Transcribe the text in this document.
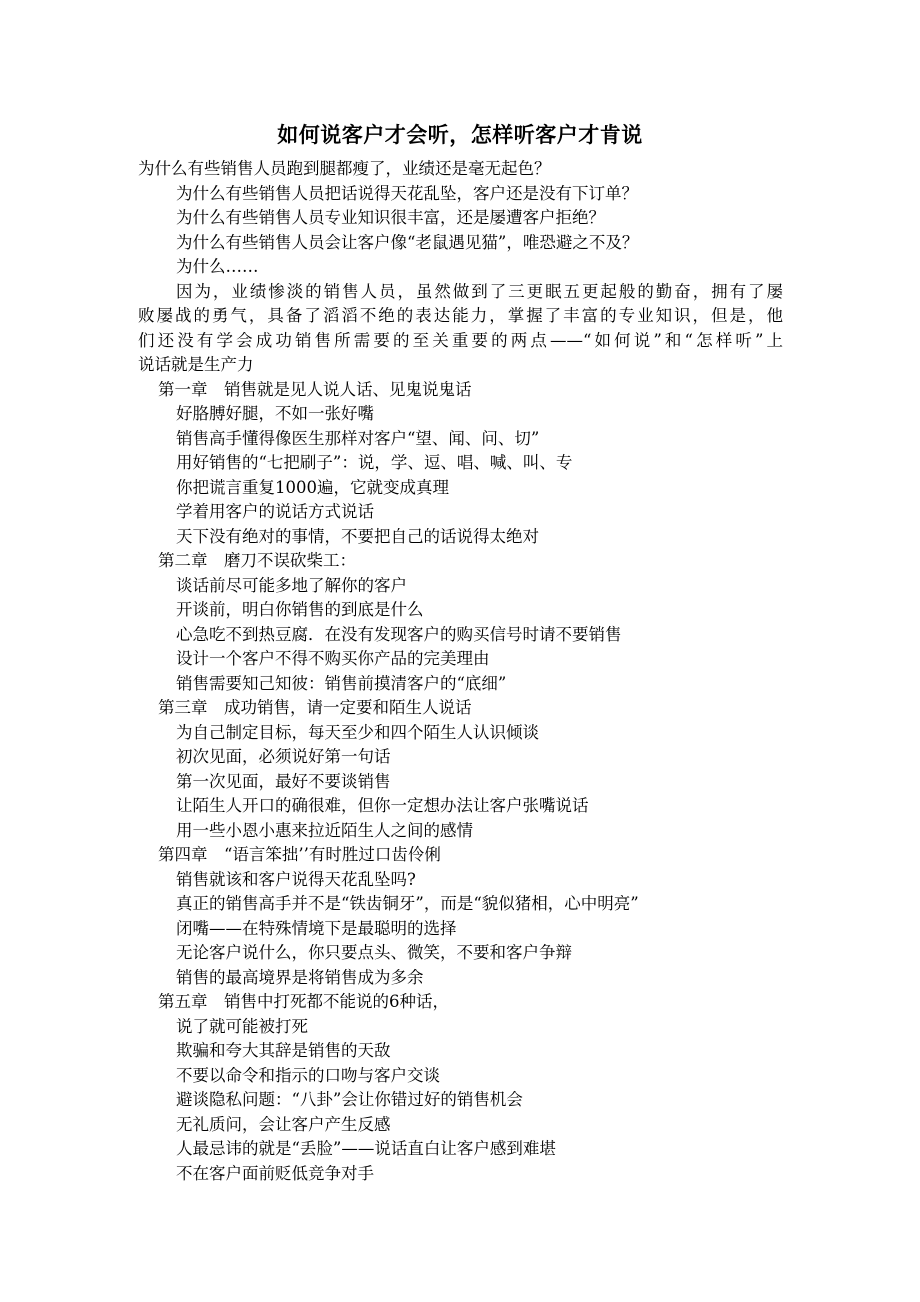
如何说客户才会听，怎样听客户才肯说
为什么有些销售人员跑到腿都瘦了，业绩还是毫无起色？
为什么有些销售人员把话说得天花乱坠，客户还是没有下订单？
为什么有些销售人员专业知识很丰富，还是屡遭客户拒绝？
为什么有些销售人员会让客户像“老鼠遇见猫”，唯恐避之不及？
为什么……
因为，业绩惨淡的销售人员，虽然做到了三更眠五更起般的勤奋，拥有了屡
败屡战的勇气，具备了滔滔不绝的表达能力，掌握了丰富的专业知识，但是，他
们还没有学会成功销售所需要的至关重要的两点——“如何说”和“怎样听”上
说话就是生产力
第一章　销售就是见人说人话、见鬼说鬼话
好胳膊好腿，不如一张好嘴
销售高手懂得像医生那样对客户“望、闻、问、切”
用好销售的“七把刷子”：说，学、逗、唱、喊、叫、专
你把谎言重复1000遍，它就变成真理
学着用客户的说话方式说话
天下没有绝对的事情，不要把自己的话说得太绝对
第二章　磨刀不误砍柴工：
谈话前尽可能多地了解你的客户
开谈前，明白你销售的到底是什么
心急吃不到热豆腐．在没有发现客户的购买信号时请不要销售
设计一个客户不得不购买你产品的完美理由
销售需要知己知彼：销售前摸清客户的“底细”
第三章　成功销售，请一定要和陌生人说话
为自己制定目标，每天至少和四个陌生人认识倾谈
初次见面，必须说好第一句话
第一次见面，最好不要谈销售
让陌生人开口的确很难，但你一定想办法让客户张嘴说话
用一些小恩小惠来拉近陌生人之间的感情
第四章　“语言笨拙’’有时胜过口齿伶俐
销售就该和客户说得天花乱坠吗?
真正的销售高手并不是“铁齿铜牙”，而是“貌似猪相，心中明亮”
闭嘴——在特殊情境下是最聪明的选择
无论客户说什么，你只要点头、微笑，不要和客户争辩
销售的最高境界是将销售成为多余
第五章　销售中打死都不能说的6种话，
说了就可能被打死
欺骗和夸大其辞是销售的天敌
不要以命令和指示的口吻与客户交谈
避谈隐私问题：“八卦”会让你错过好的销售机会
无礼质问，会让客户产生反感
人最忌讳的就是“丢脸”——说话直白让客户感到难堪
不在客户面前贬低竞争对手
